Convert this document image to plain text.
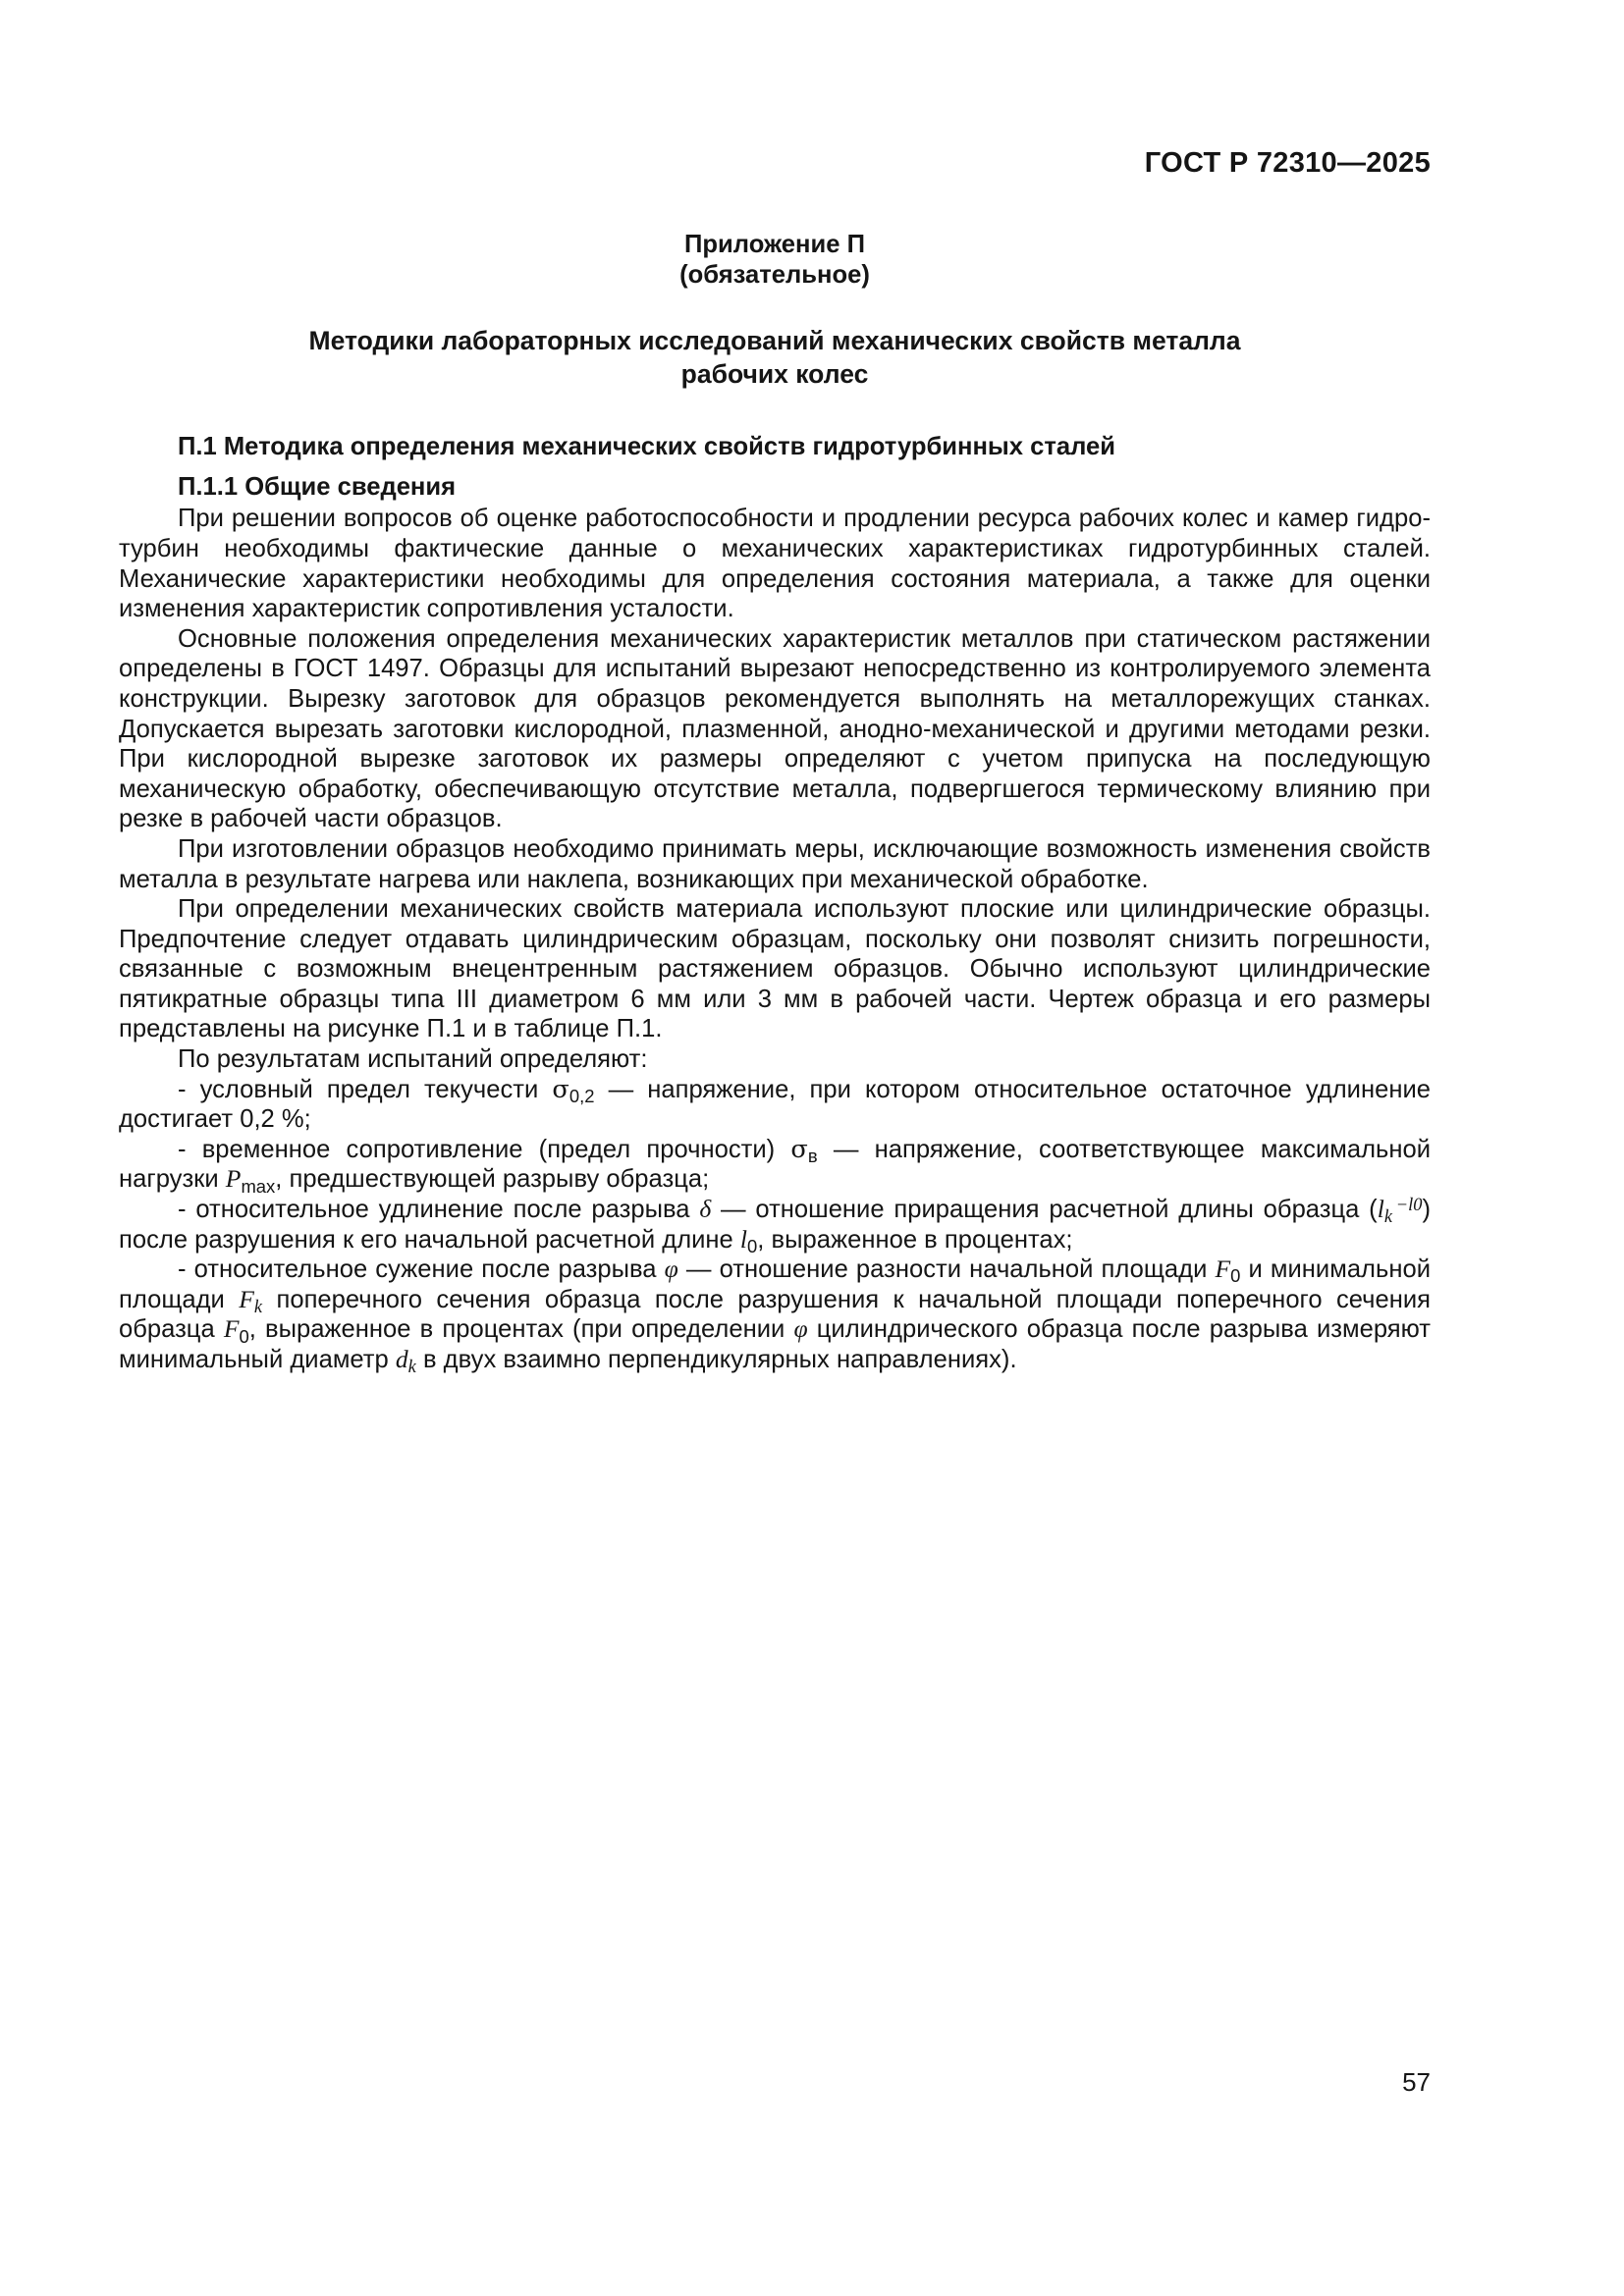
ГОСТ Р 72310—2025
Приложение П
(обязательное)
Методики лабораторных исследований механических свойств металла
рабочих колес
П.1 Методика определения механических свойств гидротурбинных сталей
П.1.1 Общие сведения
При решении вопросов об оценке работоспособности и продлении ресурса рабочих колес и камер гидротурбин необходимы фактические данные о механических характеристиках гидротурбинных сталей. Механические характеристики необходимы для определения состояния материала, а также для оценки изменения характеристик сопротивления усталости.
Основные положения определения механических характеристик металлов при статическом растяжении определены в ГОСТ 1497. Образцы для испытаний вырезают непосредственно из контролируемого элемента конструкции. Вырезку заготовок для образцов рекомендуется выполнять на металлорежущих станках. Допускается вырезать заготовки кислородной, плазменной, анодно-механической и другими методами резки. При кислородной вырезке заготовок их размеры определяют с учетом припуска на последующую механическую обработку, обеспечивающую отсутствие металла, подвергшегося термическому влиянию при резке в рабочей части образцов.
При изготовлении образцов необходимо принимать меры, исключающие возможность изменения свойств металла в результате нагрева или наклепа, возникающих при механической обработке.
При определении механических свойств материала используют плоские или цилиндрические образцы. Предпочтение следует отдавать цилиндрическим образцам, поскольку они позволят снизить погрешности, связанные с возможным внецентренным растяжением образцов. Обычно используют цилиндрические пятикратные образцы типа III диаметром 6 мм или 3 мм в рабочей части. Чертеж образца и его размеры представлены на рисунке П.1 и в таблице П.1.
По результатам испытаний определяют:
- условный предел текучести σ0,2 — напряжение, при котором относительное остаточное удлинение достигает 0,2 %;
- временное сопротивление (предел прочности) σв — напряжение, соответствующее максимальной нагрузки Pmax, предшествующей разрыву образца;
- относительное удлинение после разрыва δ — отношение приращения расчетной длины образца (lk −l0) после разрушения к его начальной расчетной длине l0, выраженное в процентах;
- относительное сужение после разрыва φ — отношение разности начальной площади F0 и минимальной площади Fk поперечного сечения образца после разрушения к начальной площади поперечного сечения образца F0, выраженное в процентах (при определении φ цилиндрического образца после разрыва измеряют минимальный диаметр dk в двух взаимно перпендикулярных направлениях).
57
